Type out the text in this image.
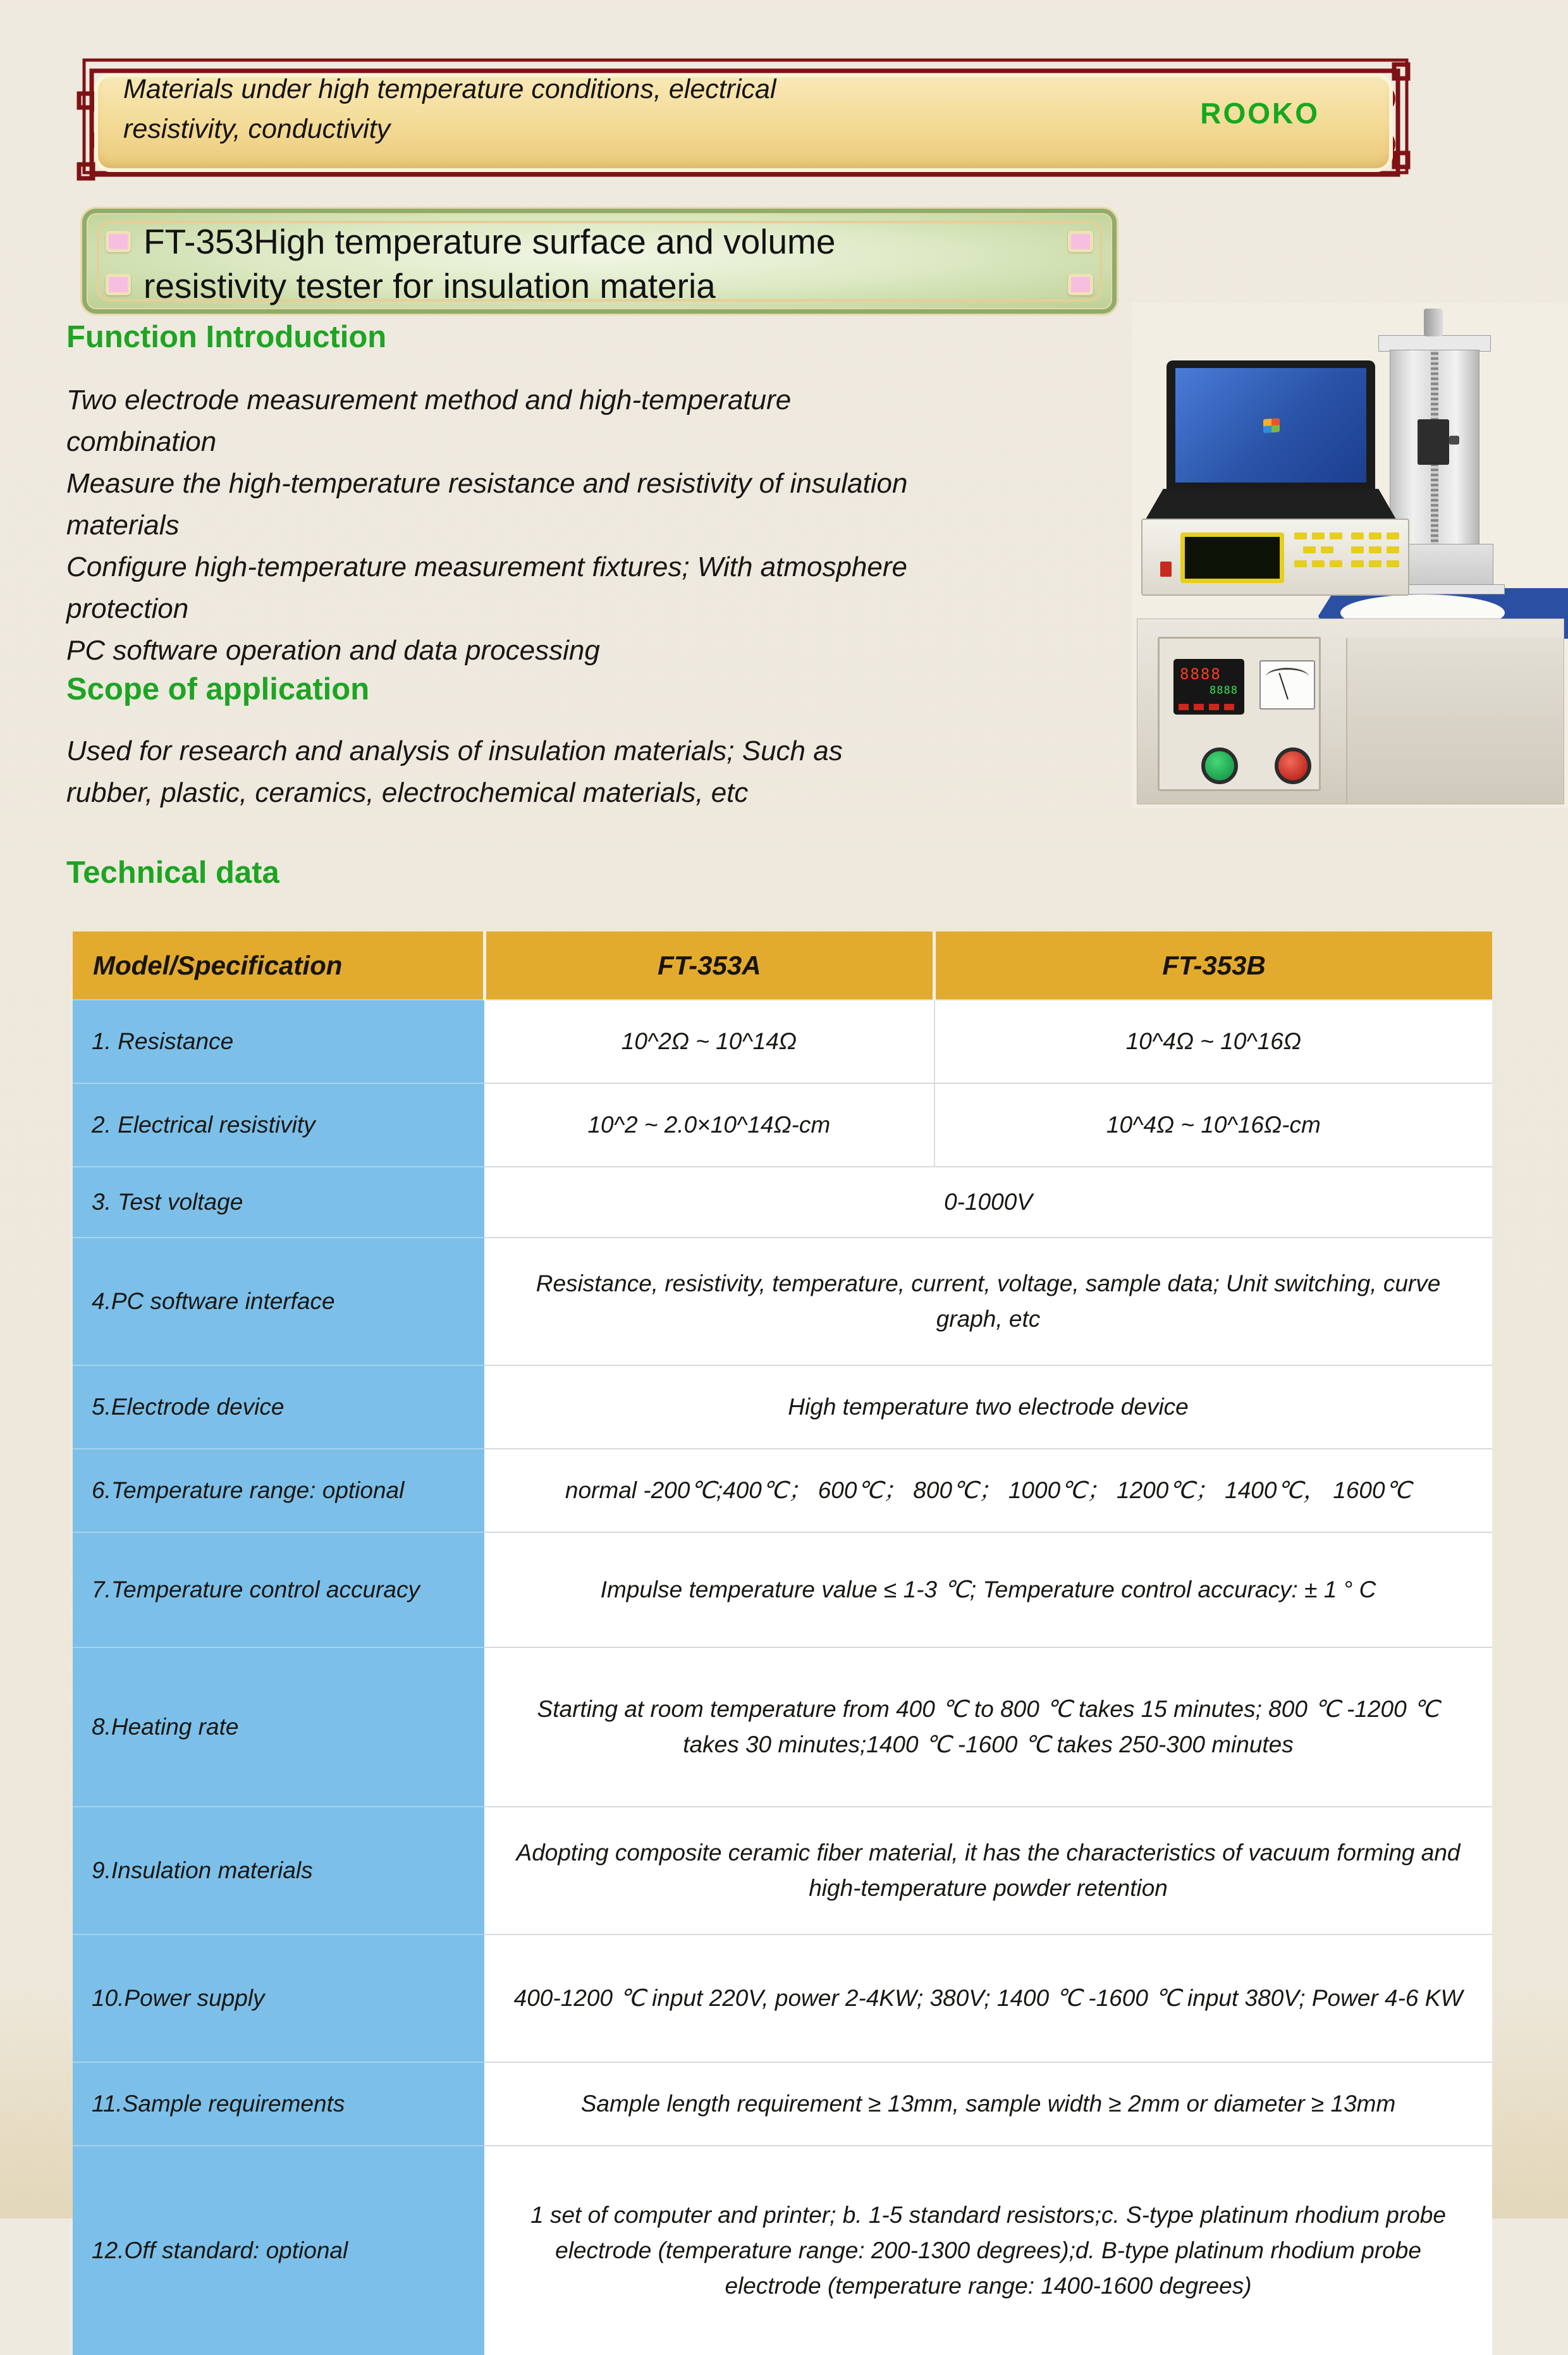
Materials under high temperature conditions, electrical
resistivity, conductivity	ROOKO
FT-353High temperature surface and volume
resistivity tester for insulation materia
Function Introduction
Two electrode measurement method and high-temperature
combination
Measure the high-temperature resistance and resistivity of insulation
materials
Configure high-temperature measurement fixtures; With atmosphere
protection
PC software operation and data processing
Scope of application
Used for research and analysis of insulation materials; Such as
rubber, plastic, ceramics, electrochemical materials, etc
8888
8888
Technical data
Model/Specification	FT-353A	FT-353B
1. Resistance	10^2Ω ~ 10^14Ω	10^4Ω ~ 10^16Ω
2. Electrical resistivity	10^2 ~ 2.0×10^14Ω-cm	10^4Ω ~ 10^16Ω-cm
3. Test voltage	0-1000V	
4.PC software interface	Resistance, resistivity, temperature, current, voltage, sample data; Unit switching, curve graph, etc	
5.Electrode device	High temperature two electrode device	
6.Temperature range: optional	normal -200℃;400℃； 600℃； 800℃； 1000℃； 1200℃； 1400℃， 1600℃	
7.Temperature control accuracy	Impulse temperature value ≤ 1-3 ℃; Temperature control accuracy: ± 1 ° C	
8.Heating rate	Starting at room temperature from 400 ℃ to 800 ℃ takes 15 minutes; 800 ℃ -1200 ℃ takes 30 minutes;1400 ℃ -1600 ℃ takes 250-300 minutes	
9.Insulation materials	Adopting composite ceramic fiber material, it has the characteristics of vacuum forming and high-temperature powder retention	
10.Power supply	400-1200 ℃ input 220V, power 2-4KW; 380V; 1400 ℃ -1600 ℃ input 380V; Power 4-6 KW	
11.Sample requirements	Sample length requirement ≥ 13mm, sample width ≥ 2mm or diameter ≥ 13mm	
12.Off standard: optional	1 set of computer and printer; b. 1-5 standard resistors;c. S-type platinum rhodium probe electrode (temperature range: 200-1300 degrees);d. B-type platinum rhodium probe electrode (temperature range: 1400-1600 degrees)	
